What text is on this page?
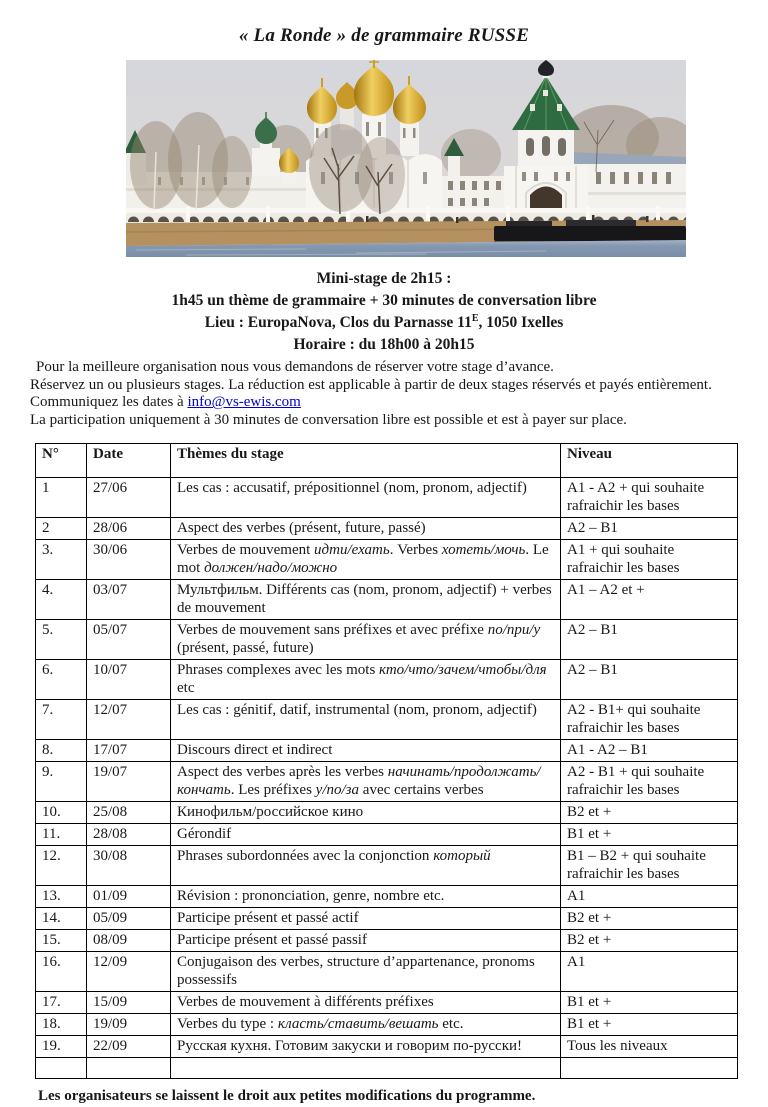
« La Ronde » de grammaire RUSSE

Mini-stage de 2h15 :

1h45 un thème de grammaire + 30 minutes de conversation libre

Lieu : EuropaNova, Clos du Parnasse $11^E$, 1050 Ixelles

Horaire : du 18h00 à 20h15

Pour la meilleure organisation nous vous demandons de réserver votre stage d’avance.

Réservez un ou plusieurs stages. La réduction est applicable à partir de deux stages réservés et payés entièrement. Communiquez les dates à info@vs-ewis.com

La participation uniquement à 30 minutes de conversation libre est possible et est à payer sur place.

N°	Date	Thèmes du stage	Niveau
1	27/06	Les cas : accusatif, prépositionnel (nom, pronom, adjectif)	A1 - A2 + qui souhaite rafraichir les bases
2	28/06	Aspect des verbes (présent, future, passé)	A2 – B1
3.	30/06	Verbes de mouvement идти/ехать. Verbes хотеть/мочь. Le mot должен/надо/можно	A1 + qui souhaite rafraichir les bases
4.	03/07	Мультфильм. Différents cas (nom, pronom, adjectif) + verbes de mouvement	A1 – A2 et +
5.	05/07	Verbes de mouvement sans préfixes et avec préfixe по/при/у (présent, passé, future)	A2 – B1
6.	10/07	Phrases complexes avec les mots кто/что/зачем/чтобы/для etc	A2 – B1
7.	12/07	Les cas : génitif, datif, instrumental (nom, pronom, adjectif)	A2 - B1+ qui souhaite rafraichir les bases
8.	17/07	Discours direct et indirect	A1 - A2 – B1
9.	19/07	Aspect des verbes après les verbes начинать/продолжать/кончать. Les préfixes у/по/за avec certains verbes	A2 - B1 + qui souhaite rafraichir les bases
10.	25/08	Кинофильм/российское кино	B2 et +
11.	28/08	Gérondif	B1 et +
12.	30/08	Phrases subordonnées avec la conjonction который	B1 – B2 + qui souhaite rafraichir les bases
13.	01/09	Révision : prononciation, genre, nombre etc.	A1
14.	05/09	Participe présent et passé actif	B2 et +
15.	08/09	Participe présent et passé passif	B2 et +
16.	12/09	Conjugaison des verbes, structure d’appartenance, pronoms possessifs	A1
17.	15/09	Verbes de mouvement à différents préfixes	B1 et +
18.	19/09	Verbes du type : класть/ставить/вешать etc.	B1 et +
19.	22/09	Русская кухня. Готовим закуски и говорим по-русски!	Tous les niveaux

Les organisateurs se laissent le droit aux petites modifications du programme.
